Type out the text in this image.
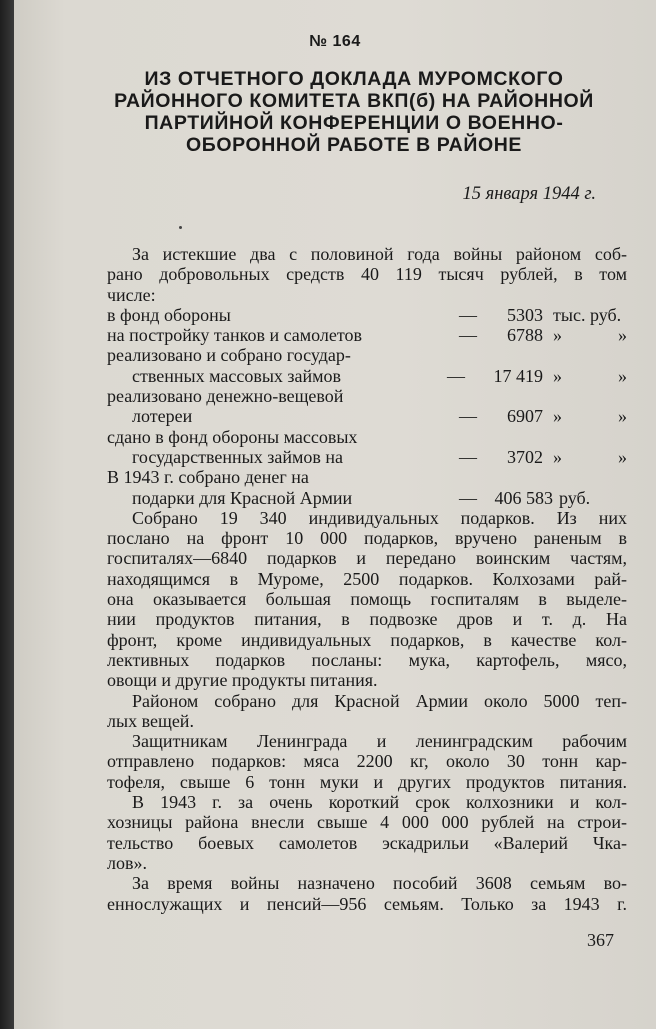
№ 164
ИЗ ОТЧЕТНОГО ДОКЛАДА МУРОМСКОГО
РАЙОННОГО КОМИТЕТА ВКП(б) НА РАЙОННОЙ
ПАРТИЙНОЙ КОНФЕРЕНЦИИ О ВОЕННО-
ОБОРОННОЙ РАБОТЕ В РАЙОНЕ
15 января 1944 г.
За истекшие два с половиной года войны районом соб-
рано добровольных средств 40 119 тысяч рублей, в том
числе:
в фонд обороны	—	5303 тыс. руб.
на постройку танков и самолетов	—	6788 »	»
реализовано и собрано государ-
ственных массовых займов	—	17 419 »	»
реализовано денежно-вещевой
лотереи	—	6907 »	»
сдано в фонд обороны массовых
государственных займов на	—	3702 »	»
В 1943 г. собрано денег на
подарки для Красной Армии	— 406 583 руб.
Собрано 19 340 индивидуальных подарков. Из них
послано на фронт 10 000 подарков, вручено раненым в
госпиталях—6840 подарков и передано воинским частям,
находящимся в Муроме, 2500 подарков. Колхозами рай-
она оказывается большая помощь госпиталям в выделе-
нии продуктов питания, в подвозке дров и т. д. На
фронт, кроме индивидуальных подарков, в качестве кол-
лективных подарков посланы: мука, картофель, мясо,
овощи и другие продукты питания.
Районом собрано для Красной Армии около 5000 теп-
лых вещей.
Защитникам Ленинграда и ленинградским рабочим
отправлено подарков: мяса 2200 кг, около 30 тонн кар-
тофеля, свыше 6 тонн муки и других продуктов питания.
В 1943 г. за очень короткий срок колхозники и кол-
хозницы района внесли свыше 4 000 000 рублей на строи-
тельство боевых самолетов эскадрильи «Валерий Чка-
лов».
За время войны назначено пособий 3608 семьям во-
еннослужащих и пенсий—956 семьям. Только за 1943 г.
367
